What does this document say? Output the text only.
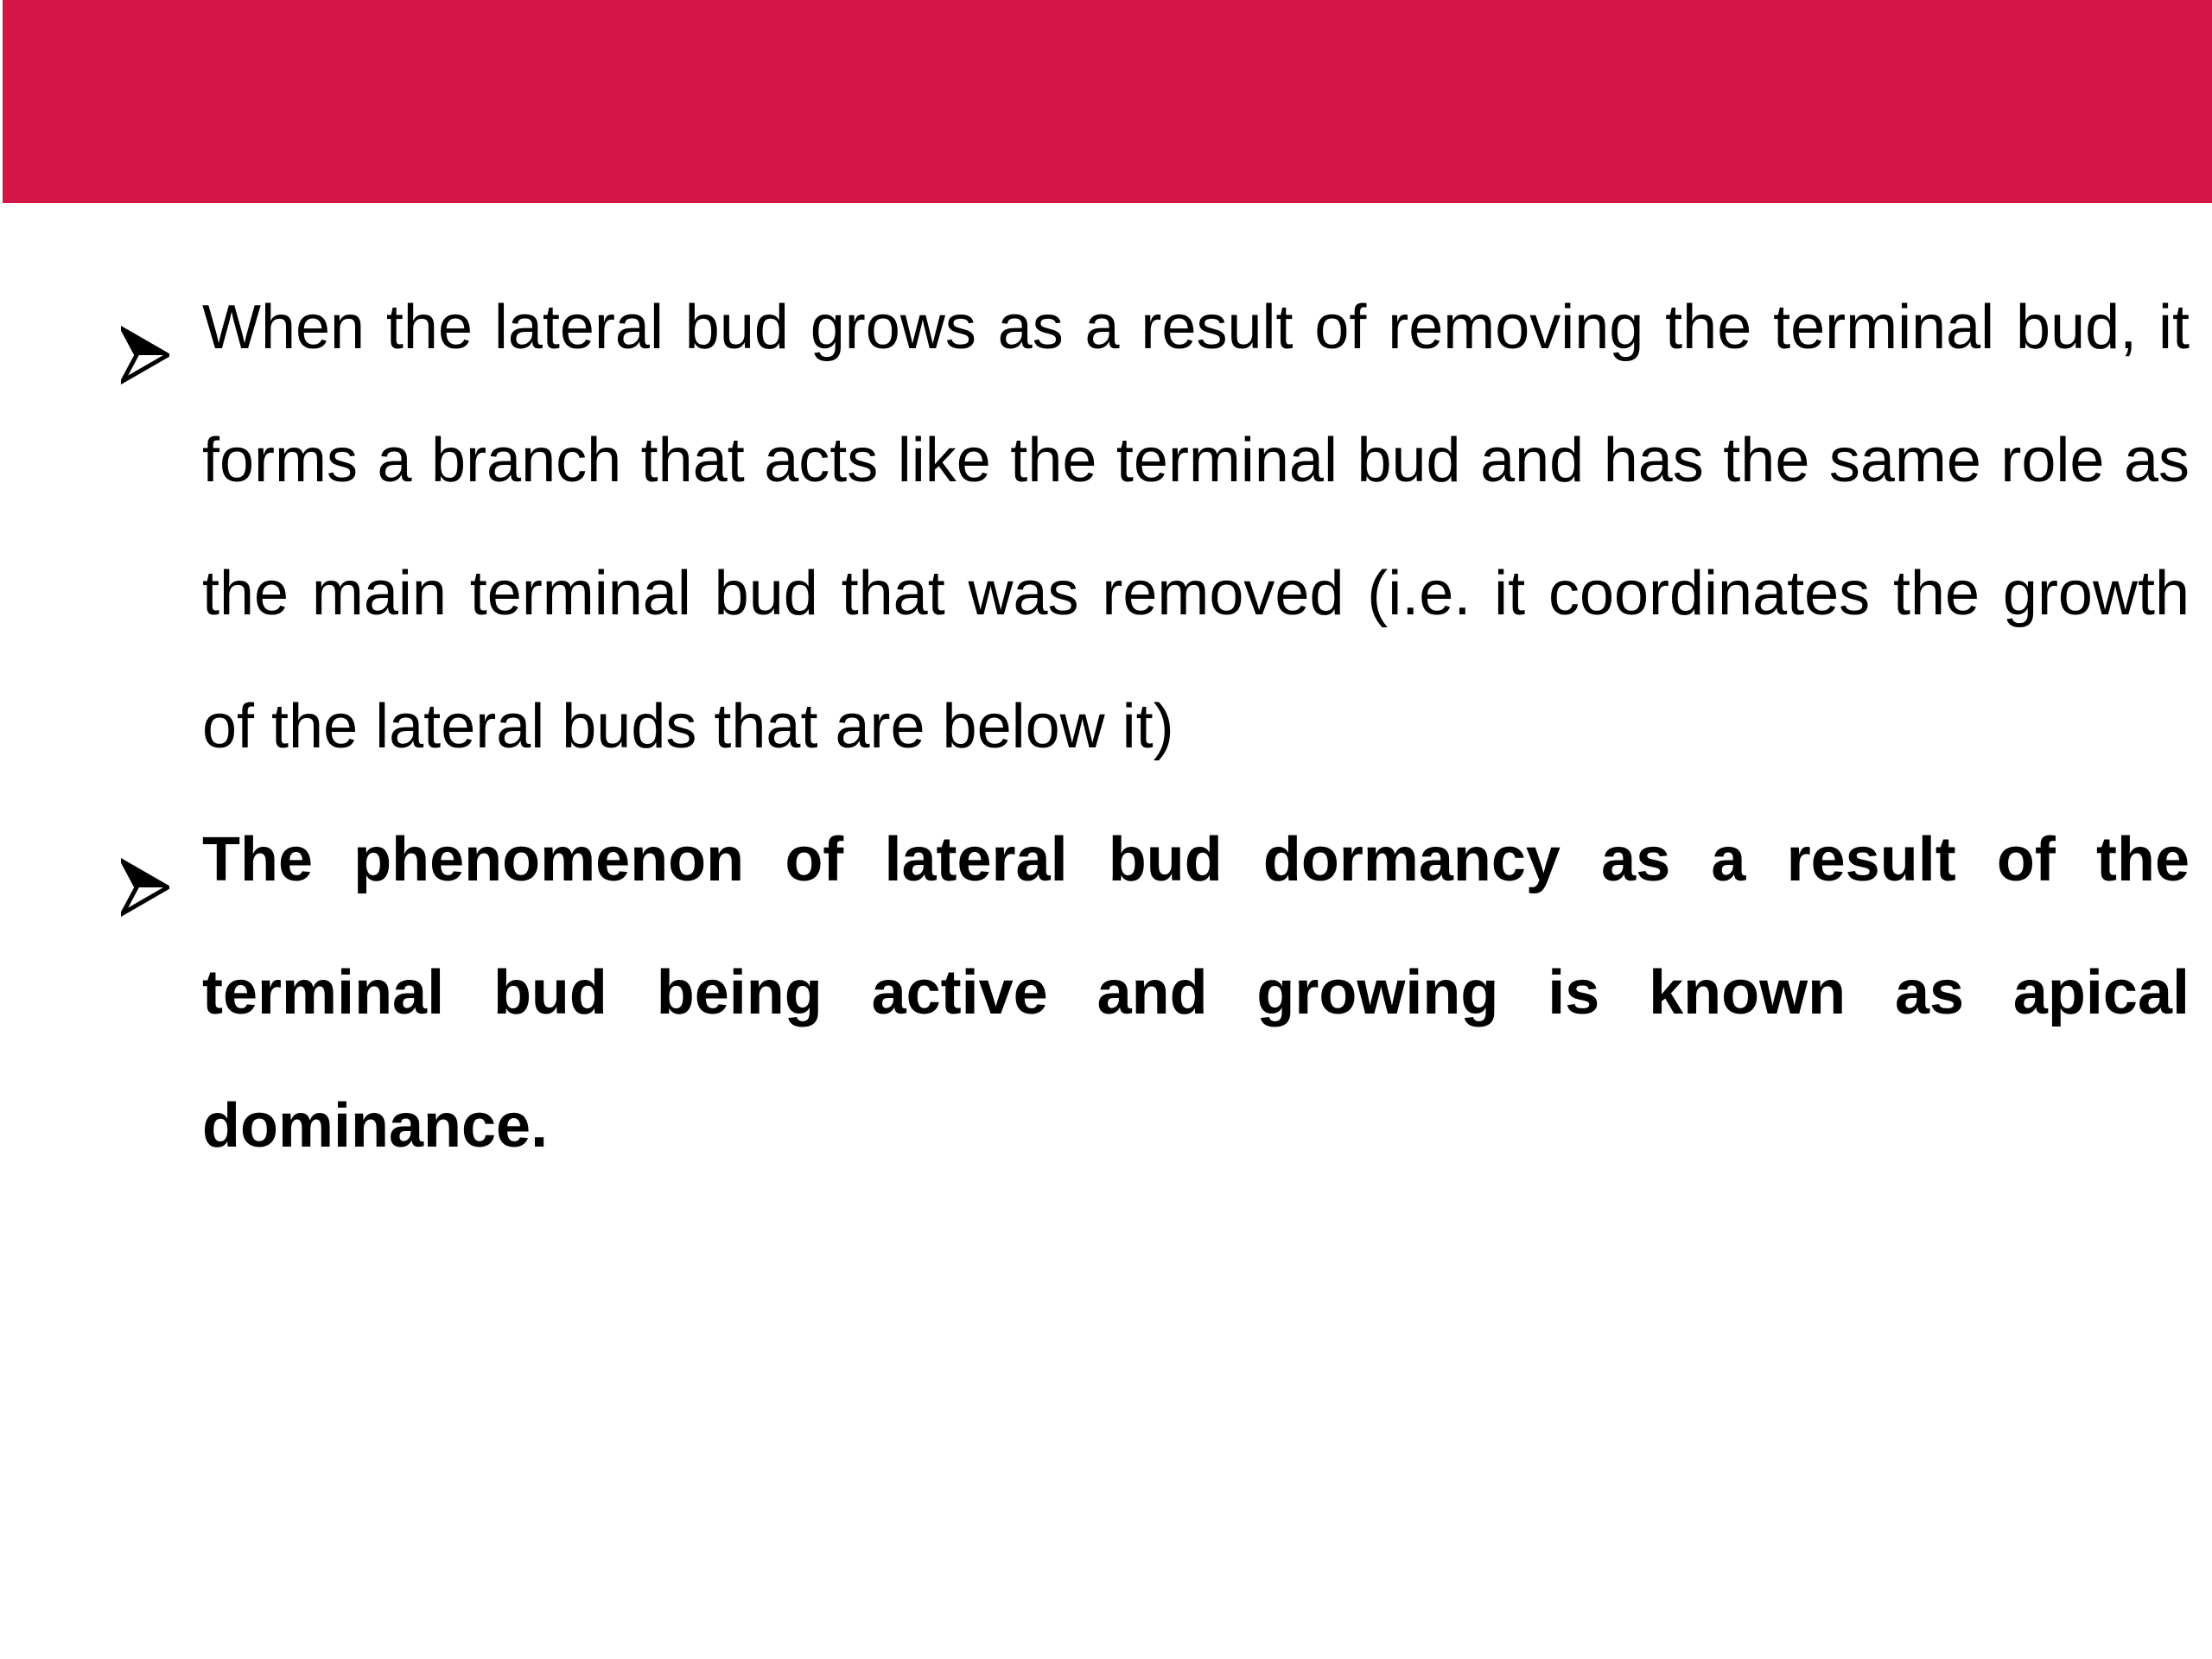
When the lateral bud grows as a result of removing the terminal bud, it forms a branch that acts like the terminal bud and has the same role as the main terminal bud that was removed (i.e. it coordinates the growth of the lateral buds that are below it)
The phenomenon of lateral bud dormancy as a result of the terminal bud being active and growing is known as apical dominance.
